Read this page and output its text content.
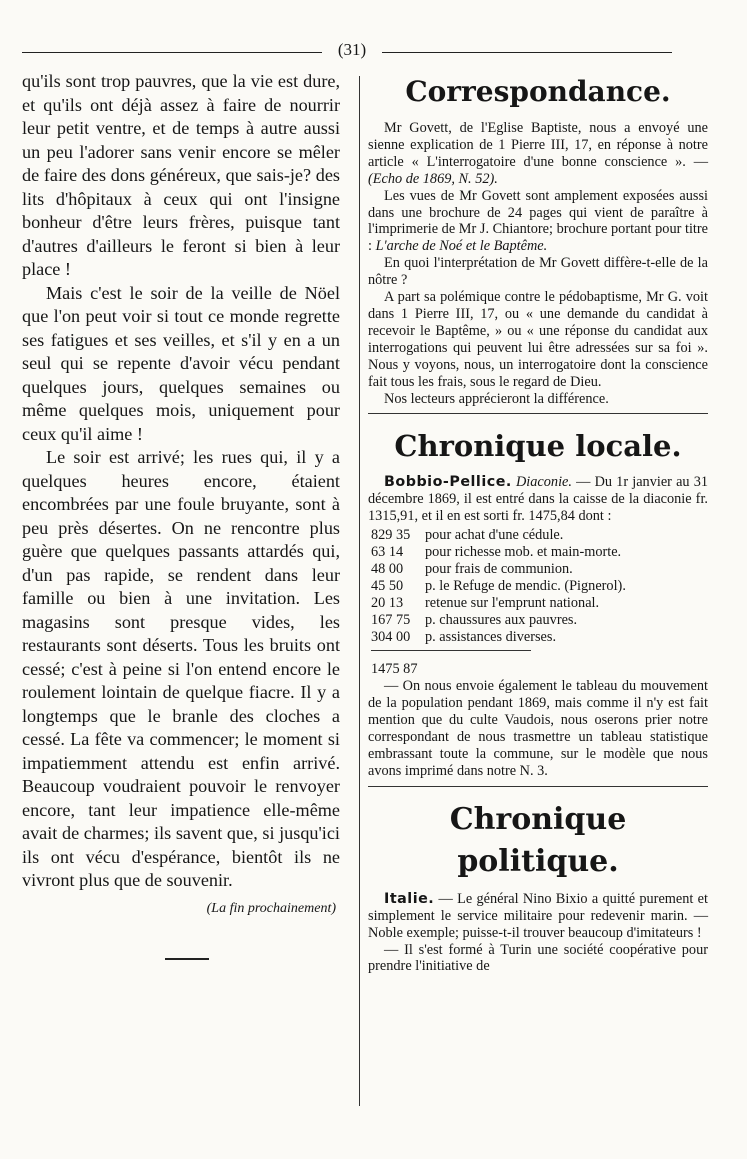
(31)

qu'ils sont trop pauvres, que la vie est dure, et qu'ils ont déjà assez à faire de nourrir leur petit ventre, et de temps à autre aussi un peu l'adorer sans venir encore se mêler de faire des dons généreux, que sais-je? des lits d'hôpitaux à ceux qui ont l'insigne bonheur d'être leurs frères, puisque tant d'autres d'ailleurs le feront si bien à leur place !

Mais c'est le soir de la veille de Nöel que l'on peut voir si tout ce monde regrette ses fatigues et ses veilles, et s'il y en a un seul qui se repente d'avoir vécu pendant quelques jours, quelques semaines ou même quelques mois, uniquement pour ceux qu'il aime !

Le soir est arrivé; les rues qui, il y a quelques heures encore, étaient encombrées par une foule bruyante, sont à peu près désertes. On ne rencontre plus guère que quelques passants attardés qui, d'un pas rapide, se rendent dans leur famille ou bien à une invitation. Les magasins sont presque vides, les restaurants sont déserts. Tous les bruits ont cessé; c'est à peine si l'on entend encore le roulement lointain de quelque fiacre. Il y a longtemps que le branle des cloches a cessé. La fête va commencer; le moment si impatiemment attendu est enfin arrivé. Beaucoup voudraient pouvoir le renvoyer encore, tant leur impatience elle-même avait de charmes; ils savent que, si jusqu'ici ils ont vécu d'espérance, bientôt ils ne vivront plus que de souvenir.

(La fin prochainement)

Correspondance.

Mr Govett, de l'Eglise Baptiste, nous a envoyé une sienne explication de 1 Pierre III, 17, en réponse à notre article « L'interrogatoire d'une bonne conscience ». — (Echo de 1869, N. 52).

Les vues de Mr Govett sont amplement exposées aussi dans une brochure de 24 pages qui vient de paraître à l'imprimerie de Mr J. Chiantore; brochure portant pour titre : L'arche de Noé et le Baptême.

En quoi l'interprétation de Mr Govett diffère-t-elle de la nôtre ?

A part sa polémique contre le pédobaptisme, Mr G. voit dans 1 Pierre III, 17, ou « une demande du candidat à recevoir le Baptême, » ou « une réponse du candidat aux interrogations qui peuvent lui être adressées sur sa foi ». Nous y voyons, nous, un interrogatoire dont la conscience fait tous les frais, sous le regard de Dieu.

Nos lecteurs apprécieront la différence.

Chronique locale.

Bobbio-Pellice. Diaconie. — Du 1r janvier au 31 décembre 1869, il est entré dans la caisse de la diaconie fr. 1315,91, et il en est sorti fr. 1475,84 dont :

829 35	pour achat d'une cédule.
63 14	pour richesse mob. et main-morte.
48 00	pour frais de communion.
45 50	p. le Refuge de mendic. (Pignerol).
20 13	retenue sur l'emprunt national.
167 75	p. chaussures aux pauvres.
304 00	p. assistances diverses.
1475 87

— On nous envoie également le tableau du mouvement de la population pendant 1869, mais comme il n'y est fait mention que du culte Vaudois, nous oserons prier notre correspondant de nous trasmettre un tableau statistique embrassant toute la commune, sur le modèle que nous avons imprimé dans notre N. 3.

Chronique politique.

Italie. — Le général Nino Bixio a quitté purement et simplement le service militaire pour redevenir marin. — Noble exemple; puisse-t-il trouver beaucoup d'imitateurs !

— Il s'est formé à Turin une société coopérative pour prendre l'initiative de
